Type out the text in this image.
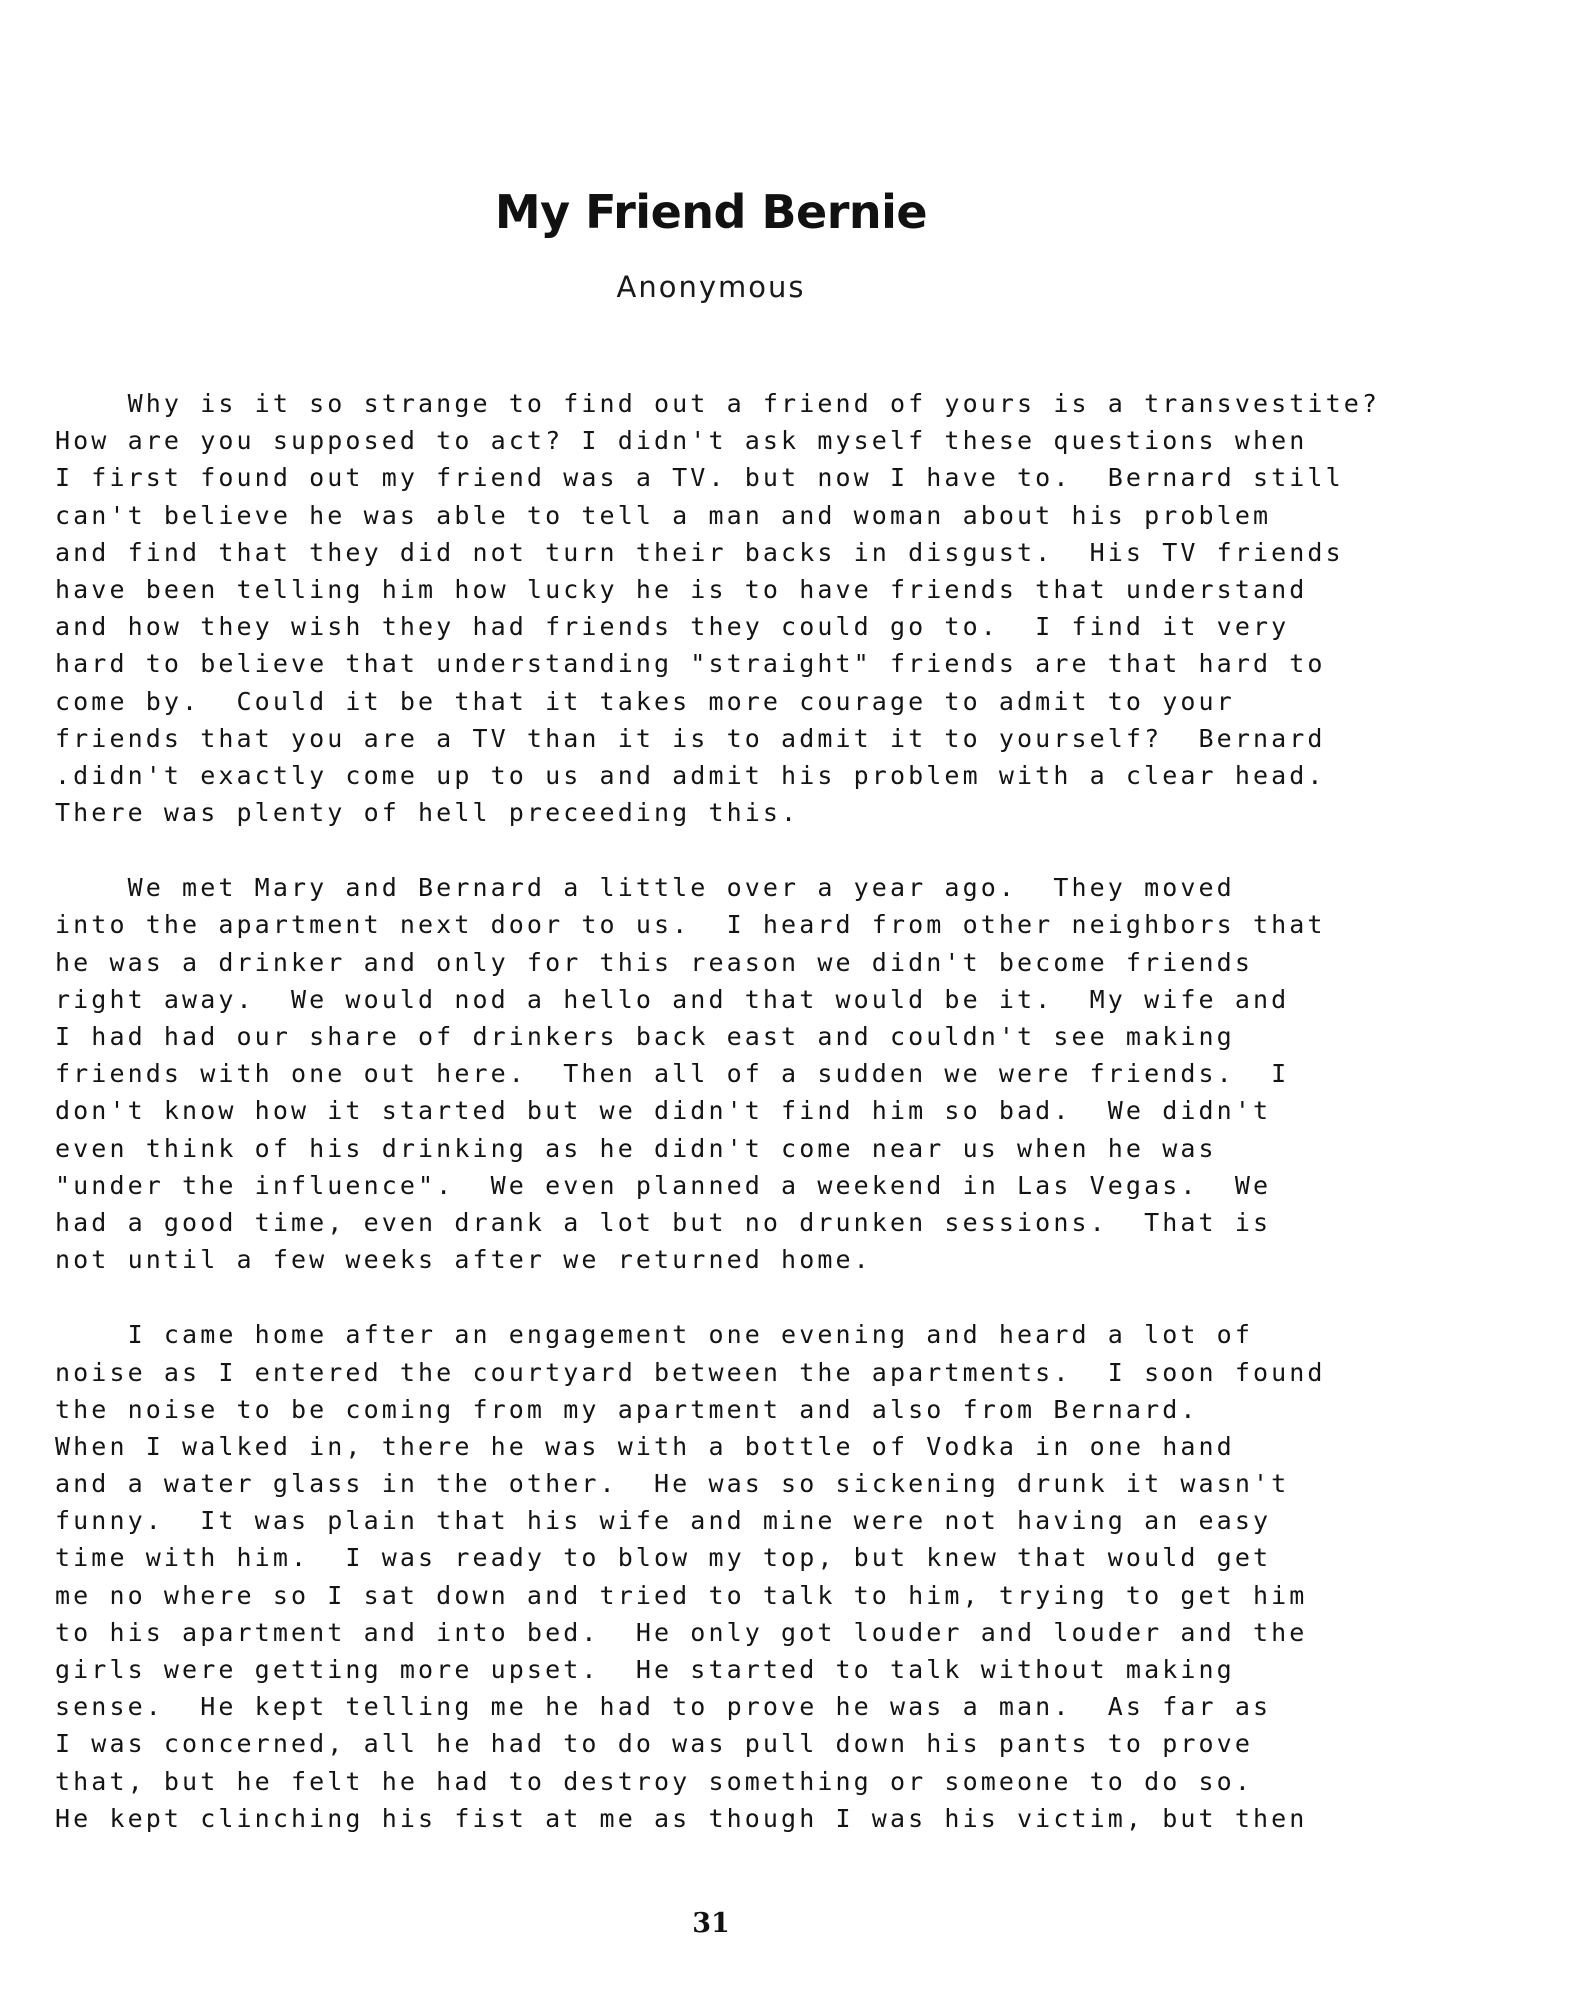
My Friend Bernie
Anonymous
Why is it so strange to find out a friend of yours is a transvestite?
How are you supposed to act? I didn't ask myself these questions when
I first found out my friend was a TV. but now I have to.  Bernard still
can't believe he was able to tell a man and woman about his problem
and find that they did not turn their backs in disgust.  His TV friends
have been telling him how lucky he is to have friends that understand
and how they wish they had friends they could go to.  I find it very
hard to believe that understanding "straight" friends are that hard to
come by.  Could it be that it takes more courage to admit to your
friends that you are a TV than it is to admit it to yourself?  Bernard
.didn't exactly come up to us and admit his problem with a clear head.
There was plenty of hell preceeding this.
We met Mary and Bernard a little over a year ago.  They moved
into the apartment next door to us.  I heard from other neighbors that
he was a drinker and only for this reason we didn't become friends
right away.  We would nod a hello and that would be it.  My wife and
I had had our share of drinkers back east and couldn't see making
friends with one out here.  Then all of a sudden we were friends.  I
don't know how it started but we didn't find him so bad.  We didn't
even think of his drinking as he didn't come near us when he was
"under the influence".  We even planned a weekend in Las Vegas.  We
had a good time, even drank a lot but no drunken sessions.  That is
not until a few weeks after we returned home.
I came home after an engagement one evening and heard a lot of
noise as I entered the courtyard between the apartments.  I soon found
the noise to be coming from my apartment and also from Bernard.
When I walked in, there he was with a bottle of Vodka in one hand
and a water glass in the other.  He was so sickening drunk it wasn't
funny.  It was plain that his wife and mine were not having an easy
time with him.  I was ready to blow my top, but knew that would get
me no where so I sat down and tried to talk to him, trying to get him
to his apartment and into bed.  He only got louder and louder and the
girls were getting more upset.  He started to talk without making
sense.  He kept telling me he had to prove he was a man.  As far as
I was concerned, all he had to do was pull down his pants to prove
that, but he felt he had to destroy something or someone to do so.
He kept clinching his fist at me as though I was his victim, but then
31
